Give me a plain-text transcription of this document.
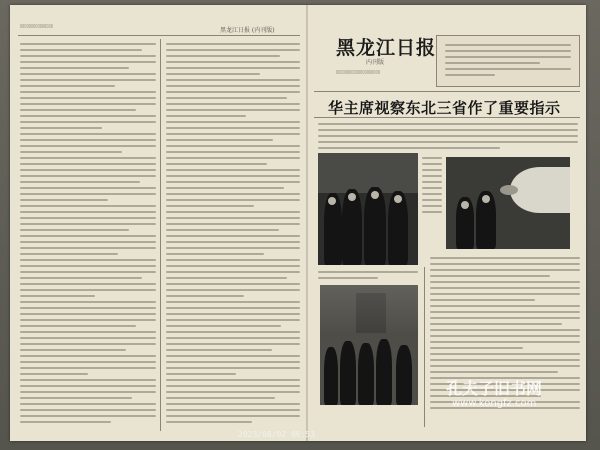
▯▯▯▯▯▯▯▯▯▯▯▯▯▯▯
黑龙江日报 (内刊版)
黑龙江日报
内刊版
▯▯▯▯▯▯▯▯▯▯▯▯▯▯▯▯▯▯▯▯
华主席视察东北三省作了重要指示
孔夫子旧书网
www.kongfz.com
2023/08/02 06:53
